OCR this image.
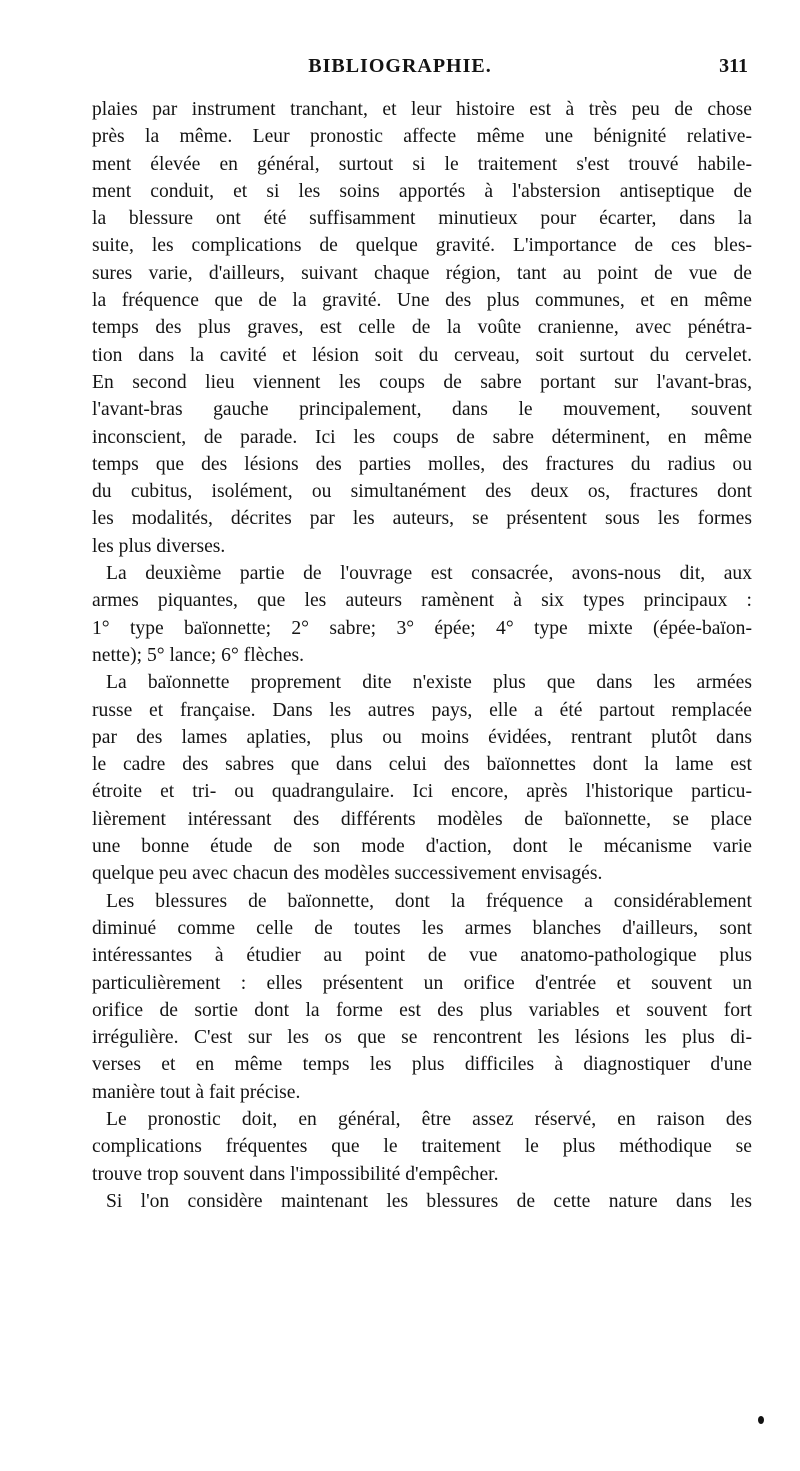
BIBLIOGRAPHIE.	311
plaies par instrument tranchant, et leur histoire est à très peu de chose
près la même. Leur pronostic affecte même une bénignité relative-
ment élevée en général, surtout si le traitement s'est trouvé habile-
ment conduit, et si les soins apportés à l'abstersion antiseptique de
la blessure ont été suffisamment minutieux pour écarter, dans la
suite, les complications de quelque gravité. L'importance de ces bles-
sures varie, d'ailleurs, suivant chaque région, tant au point de vue de
la fréquence que de la gravité. Une des plus communes, et en même
temps des plus graves, est celle de la voûte cranienne, avec pénétra-
tion dans la cavité et lésion soit du cerveau, soit surtout du cervelet.
En second lieu viennent les coups de sabre portant sur l'avant-bras,
l'avant-bras gauche principalement, dans le mouvement, souvent
inconscient, de parade. Ici les coups de sabre déterminent, en même
temps que des lésions des parties molles, des fractures du radius ou
du cubitus, isolément, ou simultanément des deux os, fractures dont
les modalités, décrites par les auteurs, se présentent sous les formes
les plus diverses.
La deuxième partie de l'ouvrage est consacrée, avons-nous dit, aux
armes piquantes, que les auteurs ramènent à six types principaux :
1° type baïonnette; 2° sabre; 3° épée; 4° type mixte (épée-baïon-
nette); 5° lance; 6° flèches.
La baïonnette proprement dite n'existe plus que dans les armées
russe et française. Dans les autres pays, elle a été partout remplacée
par des lames aplaties, plus ou moins évidées, rentrant plutôt dans
le cadre des sabres que dans celui des baïonnettes dont la lame est
étroite et tri- ou quadrangulaire. Ici encore, après l'historique particu-
lièrement intéressant des différents modèles de baïonnette, se place
une bonne étude de son mode d'action, dont le mécanisme varie
quelque peu avec chacun des modèles successivement envisagés.
Les blessures de baïonnette, dont la fréquence a considérablement
diminué comme celle de toutes les armes blanches d'ailleurs, sont
intéressantes à étudier au point de vue anatomo-pathologique plus
particulièrement : elles présentent un orifice d'entrée et souvent un
orifice de sortie dont la forme est des plus variables et souvent fort
irrégulière. C'est sur les os que se rencontrent les lésions les plus di-
verses et en même temps les plus difficiles à diagnostiquer d'une
manière tout à fait précise.
Le pronostic doit, en général, être assez réservé, en raison des
complications fréquentes que le traitement le plus méthodique se
trouve trop souvent dans l'impossibilité d'empêcher.
Si l'on considère maintenant les blessures de cette nature dans les
